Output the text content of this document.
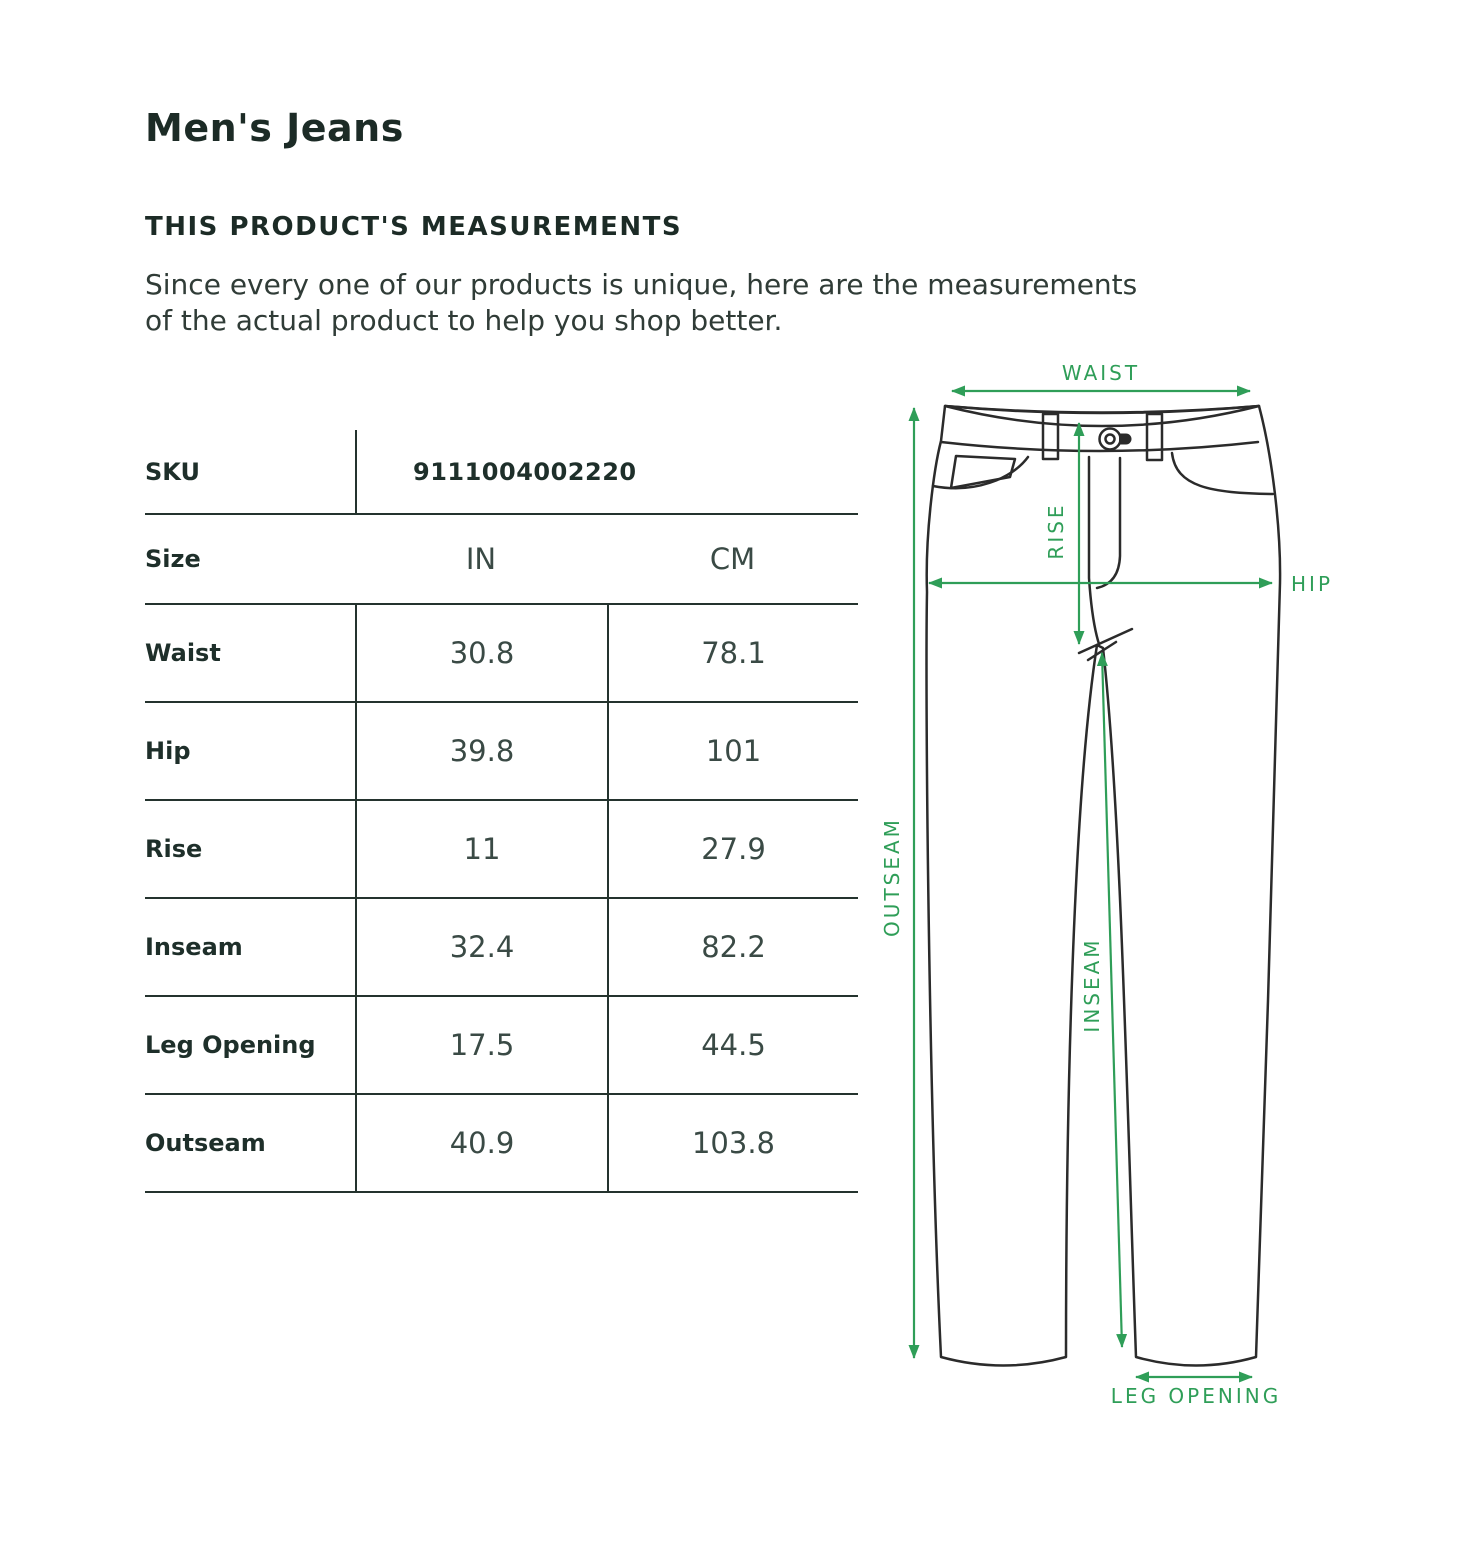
Men's Jeans
THIS PRODUCT'S MEASUREMENTS
Since every one of our products is unique, here are the measurements
of the actual product to help you shop better.
SKU	9111004002220
Size	IN	CM
Waist	30.8	78.1
Hip	39.8	101
Rise	11	27.9
Inseam	32.4	82.2
Leg Opening	17.5	44.5
Outseam	40.9	103.8
WAIST
OUTSEAM
RISE
HIP
INSEAM
LEG OPENING
